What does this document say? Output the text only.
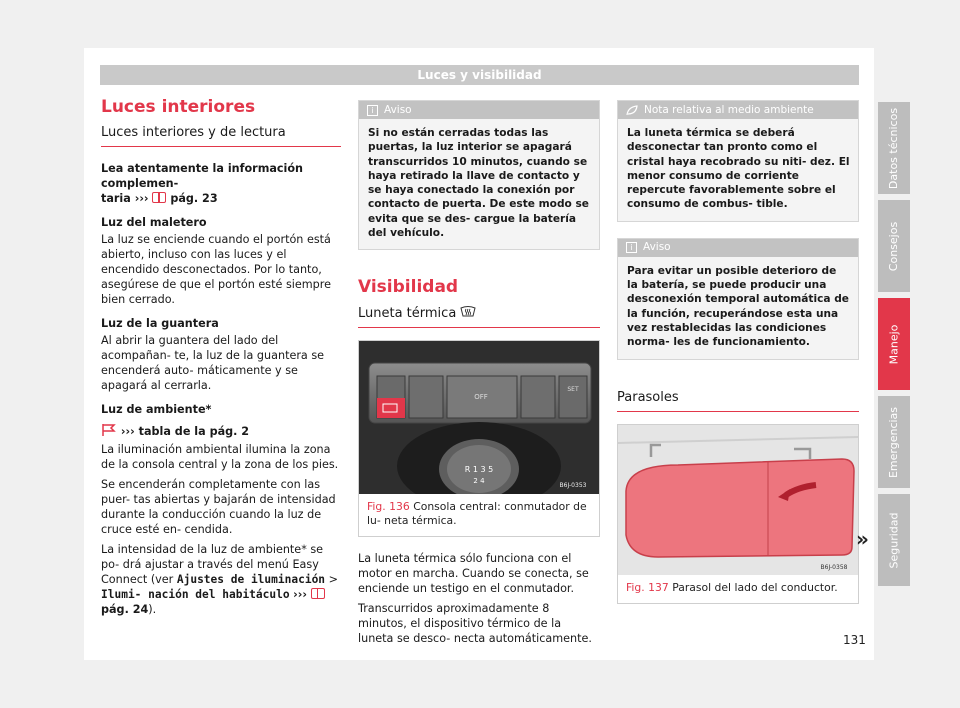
Luces y visibilidad
Datos técnicos
Consejos
Manejo
Emergencias
Seguridad
Luces interiores
Luces interiores y de lectura

Lea atentamente la información complemen-
taria ›››  pág. 23

Luz del maletero

La luz se enciende cuando el portón está abierto, incluso con las luces y el encendido desconectados. Por lo tanto, asegúrese de que el portón esté siempre bien cerrado.

Luz de la guantera

Al abrir la guantera del lado del acompañan- te, la luz de la guantera se encenderá auto- máticamente y se apagará al cerrarla.

Luz de ambiente*

››› tabla de la pág. 2

La iluminación ambiental ilumina la zona de la consola central y la zona de los pies.

Se encenderán completamente con las puer- tas abiertas y bajarán de intensidad durante la conducción cuando la luz de cruce esté en- cendida.

La intensidad de la luz de ambiente* se po- drá ajustar a través del menú Easy Connect (ver Ajustes de iluminación > Ilumi- nación del habitáculo ›››  pág. 24).

i Aviso
Si no están cerradas todas las puertas, la luz interior se apagará transcurridos 10 minutos, cuando se haya retirado la llave de contacto y se haya conectado la conexión por contacto de puerta. De este modo se evita que se des- cargue la batería del vehículo.
Visibilidad
Luneta térmica
OFF
SET
R 1 3 5
2 4
B6J-0353
Fig. 136 Consola central: conmutador de lu- neta térmica.

La luneta térmica sólo funciona con el motor en marcha. Cuando se conecta, se enciende un testigo en el conmutador.

Transcurridos aproximadamente 8 minutos, el dispositivo térmico de la luneta se desco- necta automáticamente.

Nota relativa al medio ambiente
La luneta térmica se deberá desconectar tan pronto como el cristal haya recobrado su niti- dez. El menor consumo de corriente repercute favorablemente sobre el consumo de combus- tible.
i Aviso
Para evitar un posible deterioro de la batería, se puede producir una desconexión temporal automática de la función, recuperándose esta una vez restablecidas las condiciones norma- les de funcionamiento.
Parasoles
B6J-0358
Fig. 137 Parasol del lado del conductor.
»
131
